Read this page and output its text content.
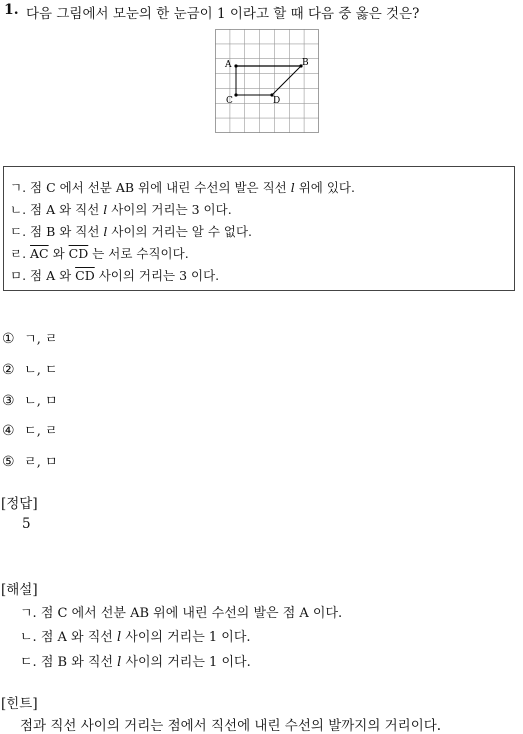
1. 다음 그림에서 모눈의 한 눈금이 1 이라고 할 때 다음 중 옳은 것은?
A	B
C	D
ㄱ. 점 C 에서 선분 AB 위에 내린 수선의 발은 직선 l 위에 있다.
ㄴ. 점 A 와 직선 l 사이의 거리는 3 이다.
ㄷ. 점 B 와 직선 l 사이의 거리는 알 수 없다.
ㄹ. $\overline{AC}$ 와 $\overline{CD}$ 는 서로 수직이다.
ㅁ. 점 A 와 $\overline{CD}$ 사이의 거리는 3 이다.
① ㄱ, ㄹ
② ㄴ, ㄷ
③ ㄴ, ㅁ
④ ㄷ, ㄹ
⑤ ㄹ, ㅁ
[정답]
5
[해설]
ㄱ. 점 C 에서 선분 AB 위에 내린 수선의 발은 점 A 이다.
ㄴ. 점 A 와 직선 l 사이의 거리는 1 이다.
ㄷ. 점 B 와 직선 l 사이의 거리는 1 이다.
[힌트]
점과 직선 사이의 거리는 점에서 직선에 내린 수선의 발까지의 거리이다.
